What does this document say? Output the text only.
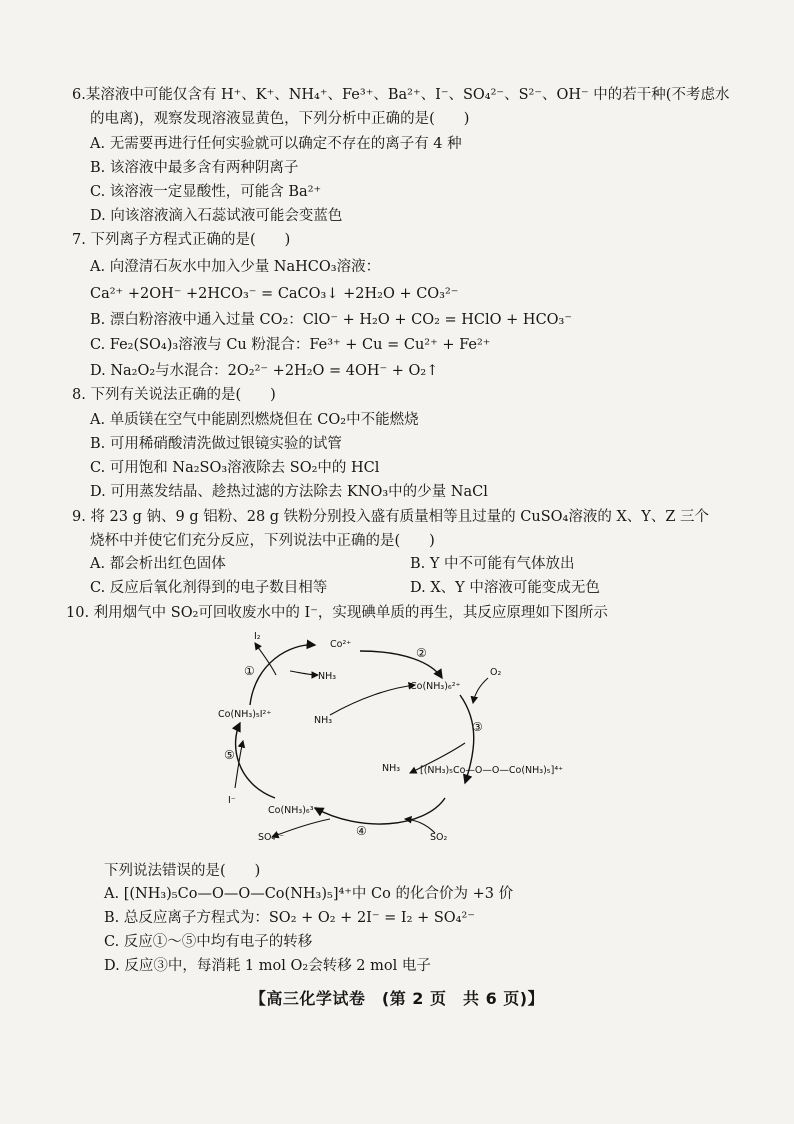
6.某溶液中可能仅含有 H⁺、K⁺、NH₄⁺、Fe³⁺、Ba²⁺、I⁻、SO₄²⁻、S²⁻、OH⁻ 中的若干种(不考虑水
的电离)，观察发现溶液显黄色，下列分析中正确的是(　　)
A. 无需要再进行任何实验就可以确定不存在的离子有 4 种
B. 该溶液中最多含有两种阴离子
C. 该溶液一定显酸性，可能含 Ba²⁺
D. 向该溶液滴入石蕊试液可能会变蓝色
7. 下列离子方程式正确的是(　　)
A. 向澄清石灰水中加入少量 NaHCO₃溶液：
Ca²⁺ +2OH⁻ +2HCO₃⁻ = CaCO₃↓ +2H₂O + CO₃²⁻
B. 漂白粉溶液中通入过量 CO₂：ClO⁻ + H₂O + CO₂ = HClO + HCO₃⁻
C. Fe₂(SO₄)₃溶液与 Cu 粉混合：Fe³⁺ + Cu = Cu²⁺ + Fe²⁺
D. Na₂O₂与水混合：2O₂²⁻ +2H₂O = 4OH⁻ + O₂↑
8. 下列有关说法正确的是(　　)
A. 单质镁在空气中能剧烈燃烧但在 CO₂中不能燃烧
B. 可用稀硝酸清洗做过银镜实验的试管
C. 可用饱和 Na₂SO₃溶液除去 SO₂中的 HCl
D. 可用蒸发结晶、趁热过滤的方法除去 KNO₃中的少量 NaCl
9. 将 23 g 钠、9 g 铝粉、28 g 铁粉分别投入盛有质量相等且过量的 CuSO₄溶液的 X、Y、Z 三个
烧杯中并使它们充分反应，下列说法中正确的是(　　)
A. 都会析出红色固体	B. Y 中不可能有气体放出
C. 反应后氧化剂得到的电子数目相等	D. X、Y 中溶液可能变成无色
10. 利用烟气中 SO₂可回收废水中的 I⁻，实现碘单质的再生，其反应原理如下图所示
I₂
Co²⁺
NH₃
Co(NH₃)₆²⁺
O₂
Co(NH₃)₅I²⁺
NH₃
NH₃ [(NH₃)₅Co—O—O—Co(NH₃)₅]⁴⁺
I⁻
Co(NH₃)₆³⁺
SO₄²⁻	SO₂
①
②
③
④
⑤
下列说法错误的是(　　)
A. [(NH₃)₅Co—O—O—Co(NH₃)₅]⁴⁺中 Co 的化合价为 +3 价
B. 总反应离子方程式为：SO₂ + O₂ + 2I⁻ = I₂ + SO₄²⁻
C. 反应①～⑤中均有电子的转移
D. 反应③中，每消耗 1 mol O₂会转移 2 mol 电子
【高三化学试卷　(第 2 页　共 6 页)】
